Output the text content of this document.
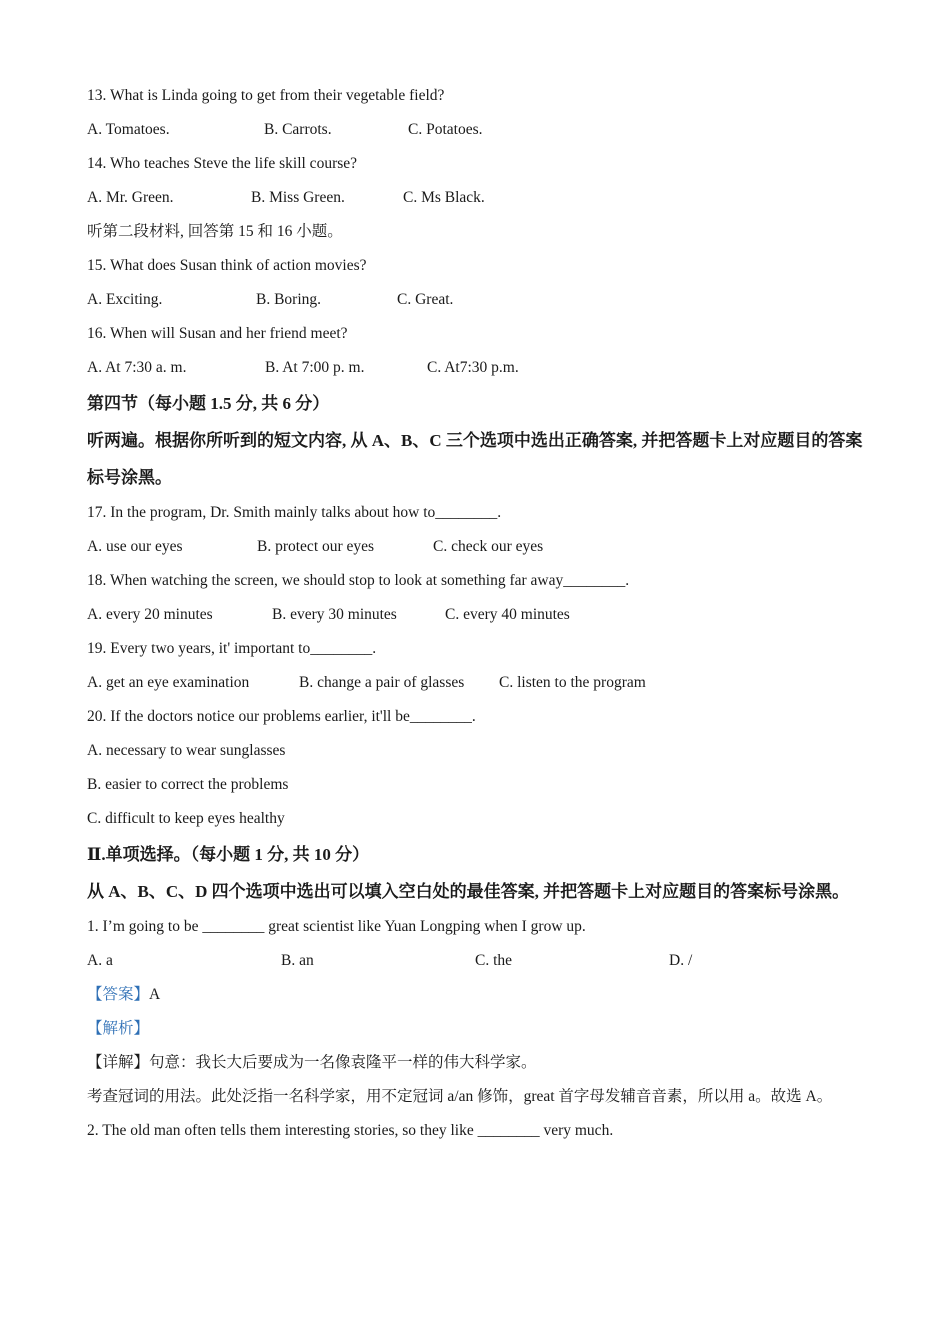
13. What is Linda going to get from their vegetable field?
A. Tomatoes.	B. Carrots.	C. Potatoes.
14. Who teaches Steve the life skill course?
A. Mr. Green.	B. Miss Green.	C. Ms Black.
听第二段材料, 回答第 15 和 16 小题。
15. What does Susan think of action movies?
A. Exciting.	B. Boring.	C. Great.
16. When will Susan and her friend meet?
A. At 7:30 a. m.	B. At 7:00 p. m.	C. At7:30 p.m.
第四节（每小题 1.5 分, 共 6 分）
听两遍。根据你所听到的短文内容, 从 A、B、C 三个选项中选出正确答案, 并把答题卡上对应题目的答案标号涂黑。
17. In the program, Dr. Smith mainly talks about how to________.
A. use our eyes	B. protect our eyes	C. check our eyes
18. When watching the screen, we should stop to look at something far away________.
A. every 20 minutes	B. every 30 minutes	C. every 40 minutes
19. Every two years, it' important to________.
A. get an eye examination	B. change a pair of glasses C. listen to the program
20. If the doctors notice our problems earlier, it'll be________.
A. necessary to wear sunglasses
B. easier to correct the problems
C. difficult to keep eyes healthy
Ⅱ.单项选择。（每小题 1 分, 共 10 分）
从 A、B、C、D 四个选项中选出可以填入空白处的最佳答案, 并把答题卡上对应题目的答案标号涂黑。
1. I’m going to be ________ great scientist like Yuan Longping when I grow up.
A. a	B. an	C. the	D. /
【答案】A
【解析】
【详解】句意：我长大后要成为一名像袁隆平一样的伟大科学家。
考查冠词的用法。此处泛指一名科学家，用不定冠词 a/an 修饰，great 首字母发辅音音素，所以用 a。故选 A。
2. The old man often tells them interesting stories, so they like ________ very much.
